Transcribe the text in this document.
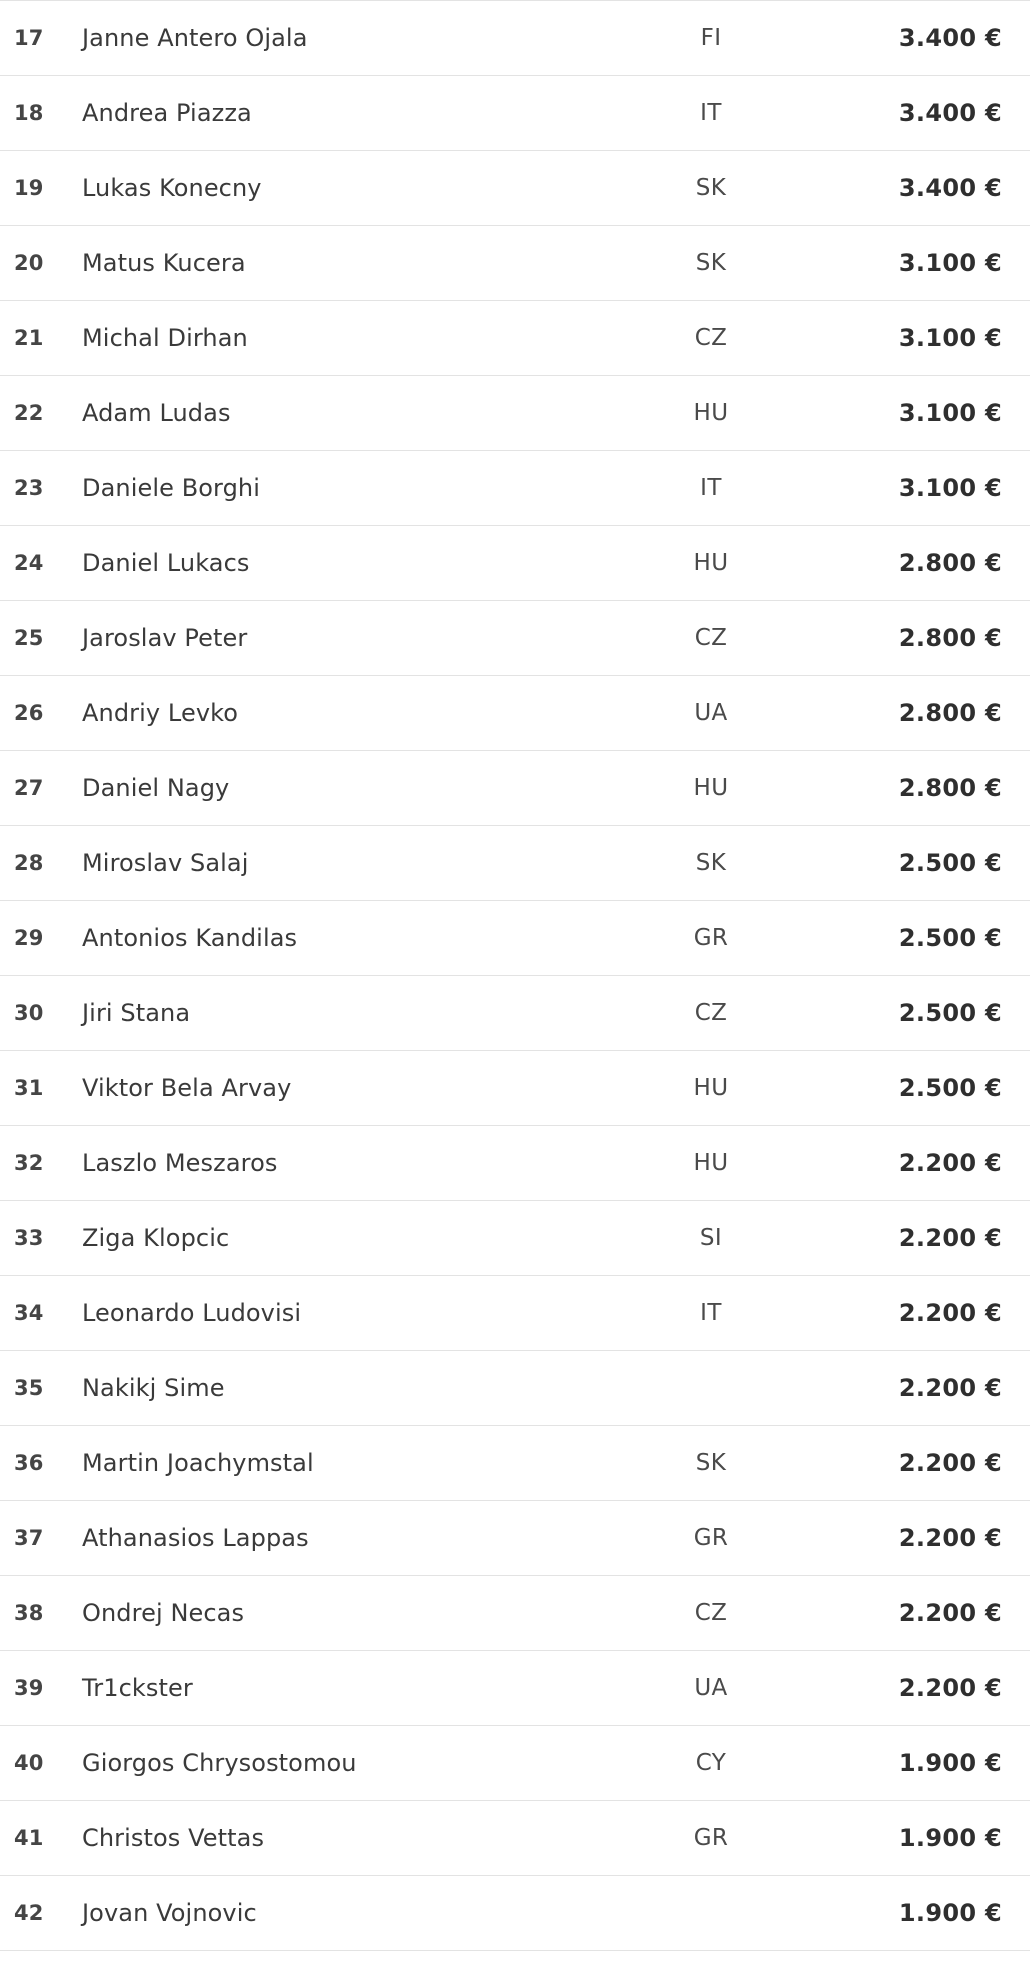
17	Janne Antero Ojala	FI	3.400 €
18	Andrea Piazza	IT	3.400 €
19	Lukas Konecny	SK	3.400 €
20	Matus Kucera	SK	3.100 €
21	Michal Dirhan	CZ	3.100 €
22	Adam Ludas	HU	3.100 €
23	Daniele Borghi	IT	3.100 €
24	Daniel Lukacs	HU	2.800 €
25	Jaroslav Peter	CZ	2.800 €
26	Andriy Levko	UA	2.800 €
27	Daniel Nagy	HU	2.800 €
28	Miroslav Salaj	SK	2.500 €
29	Antonios Kandilas	GR	2.500 €
30	Jiri Stana	CZ	2.500 €
31	Viktor Bela Arvay	HU	2.500 €
32	Laszlo Meszaros	HU	2.200 €
33	Ziga Klopcic	SI	2.200 €
34	Leonardo Ludovisi	IT	2.200 €
35	Nakikj Sime		2.200 €
36	Martin Joachymstal	SK	2.200 €
37	Athanasios Lappas	GR	2.200 €
38	Ondrej Necas	CZ	2.200 €
39	Tr1ckster	UA	2.200 €
40	Giorgos Chrysostomou	CY	1.900 €
41	Christos Vettas	GR	1.900 €
42	Jovan Vojnovic		1.900 €
